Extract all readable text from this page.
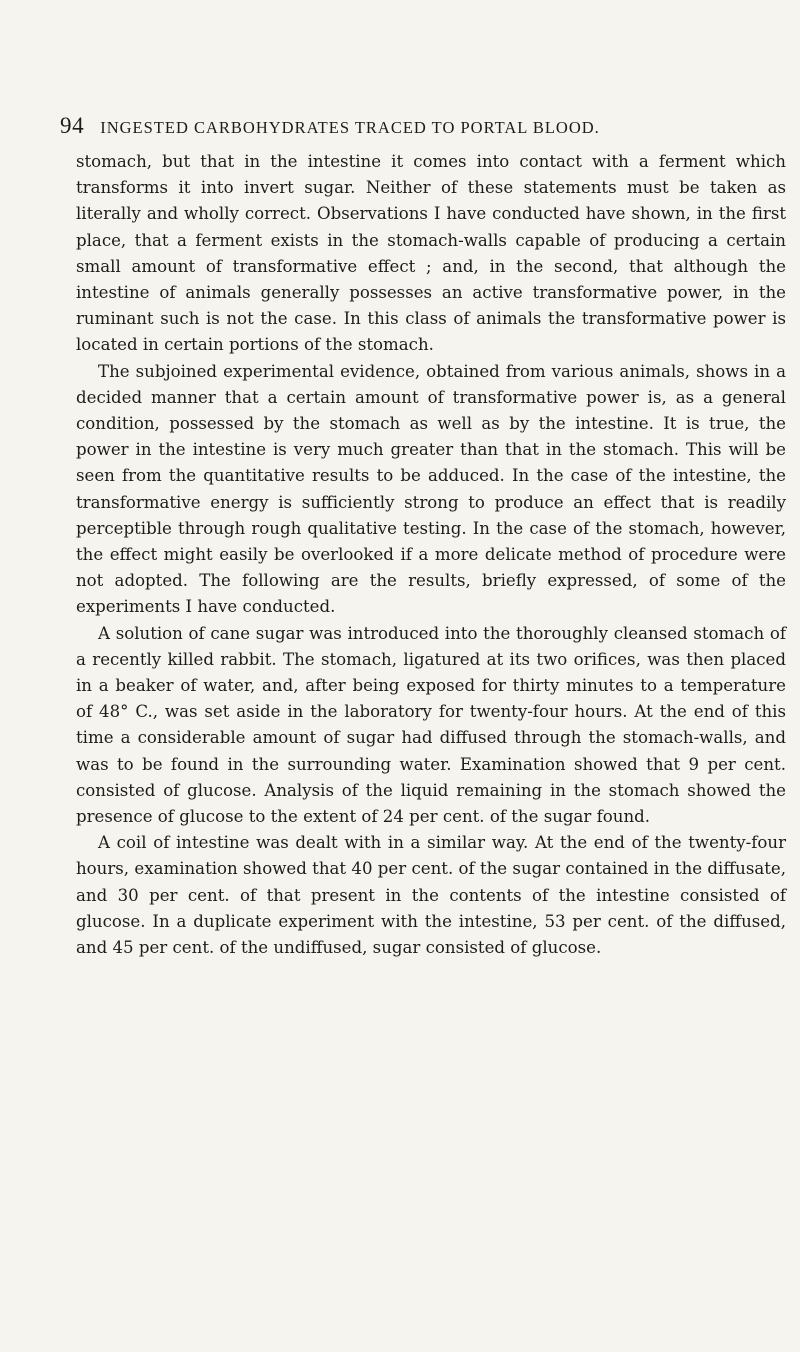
94 INGESTED CARBOHYDRATES TRACED TO PORTAL BLOOD.

stomach, but that in the intestine it comes into contact with a ferment which transforms it into invert sugar. Neither of these statements must be taken as literally and wholly correct. Observations I have conducted have shown, in the first place, that a ferment exists in the stomach-walls capable of producing a certain small amount of transformative effect ; and, in the second, that although the intestine of animals generally possesses an active transformative power, in the ruminant such is not the case. In this class of animals the transformative power is located in certain portions of the stomach.

The subjoined experimental evidence, obtained from various animals, shows in a decided manner that a certain amount of transformative power is, as a general condition, possessed by the stomach as well as by the intestine. It is true, the power in the intestine is very much greater than that in the stomach. This will be seen from the quantitative results to be adduced. In the case of the intestine, the transformative energy is sufficiently strong to produce an effect that is readily perceptible through rough qualitative testing. In the case of the stomach, however, the effect might easily be overlooked if a more delicate method of procedure were not adopted. The following are the results, briefly expressed, of some of the experiments I have conducted.

A solution of cane sugar was introduced into the thoroughly cleansed stomach of a recently killed rabbit. The stomach, ligatured at its two orifices, was then placed in a beaker of water, and, after being exposed for thirty minutes to a temperature of 48° C., was set aside in the laboratory for twenty-four hours. At the end of this time a considerable amount of sugar had diffused through the stomach-walls, and was to be found in the surrounding water. Examination showed that 9 per cent. consisted of glucose. Analysis of the liquid remaining in the stomach showed the presence of glucose to the extent of 24 per cent. of the sugar found.

A coil of intestine was dealt with in a similar way. At the end of the twenty-four hours, examination showed that 40 per cent. of the sugar contained in the diffusate, and 30 per cent. of that present in the contents of the intestine consisted of glucose. In a duplicate experiment with the intestine, 53 per cent. of the diffused, and 45 per cent. of the undiffused, sugar consisted of glucose.
